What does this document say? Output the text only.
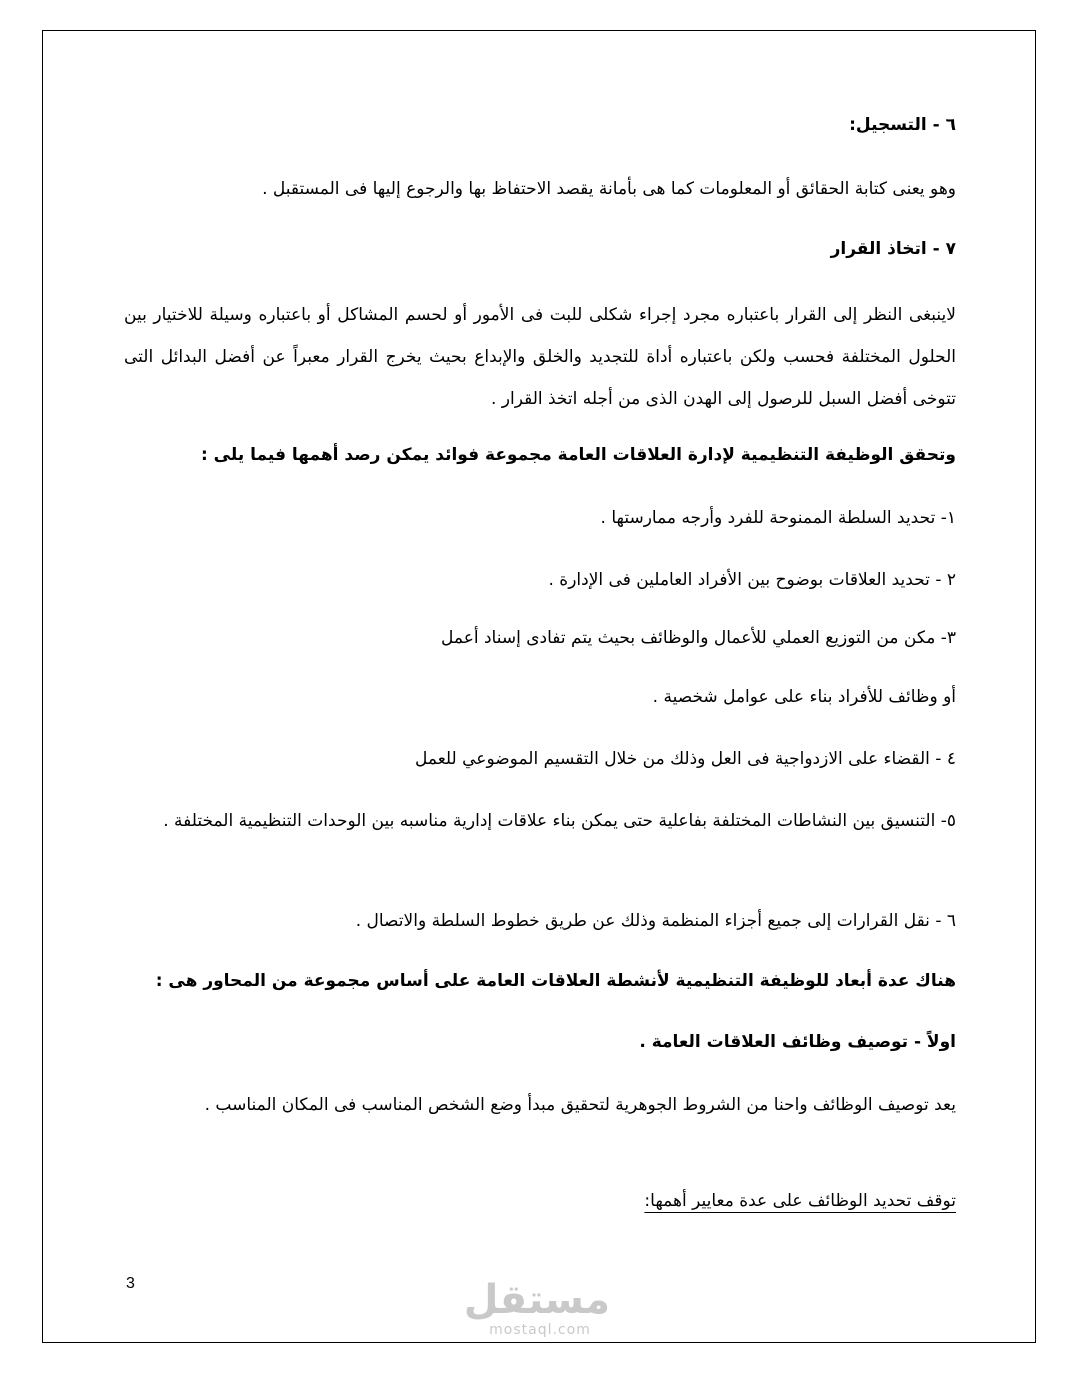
٦ - التسجيل:

وهو يعنى كتابة الحقائق أو المعلومات كما هى بأمانة يقصد الاحتفاظ بها والرجوع إليها فى المستقبل .

٧ - اتخاذ القرار

لاينبغى النظر إلى القرار باعتباره مجرد إجراء شكلى للبت فى الأمور أو لحسم المشاكل أو باعتباره وسيلة للاختيار بين الحلول المختلفة فحسب ولكن باعتباره أداة للتجديد والخلق والإبداع بحيث يخرج القرار معبراً عن أفضل البدائل التى تتوخى أفضل السبل للرصول إلى الهدن الذى من أجله اتخذ القرار .

وتحقق الوظيفة التنظيمية لإدارة العلاقات العامة مجموعة فوائد يمكن رصد أهمها فيما يلى :

١- تحديد السلطة الممنوحة للفرد وأرجه ممارستها .

٢ - تحديد العلاقات بوضوح بين الأفراد العاملين فى الإدارة .

٣- مكن من التوزيع العملي للأعمال والوظائف بحيث يتم تفادى إسناد أعمل

أو وظائف للأفراد بناء على عوامل شخصية .

٤ - القضاء على الازدواجية فى العل وذلك من خلال التقسيم الموضوعي للعمل

٥- التنسيق بين النشاطات المختلفة بفاعلية حتى يمكن بناء علاقات إدارية مناسبه بين الوحدات التنظيمية المختلفة .

٦ - نقل القرارات إلى جميع أجزاء المنظمة وذلك عن طريق خطوط السلطة والاتصال .

هناك عدة أبعاد للوظيفة التنظيمية لأنشطة العلاقات العامة على أساس مجموعة من المحاور هى :

اولاً - توصيف وظائف العلاقات العامة .

يعد توصيف الوظائف واحنا من الشروط الجوهرية لتحقيق مبدأ وضع الشخص المناسب فى المكان المناسب .

توقف تحديد الوظائف على عدة معايير أهمها:

3	مستقل
mostaql.com
